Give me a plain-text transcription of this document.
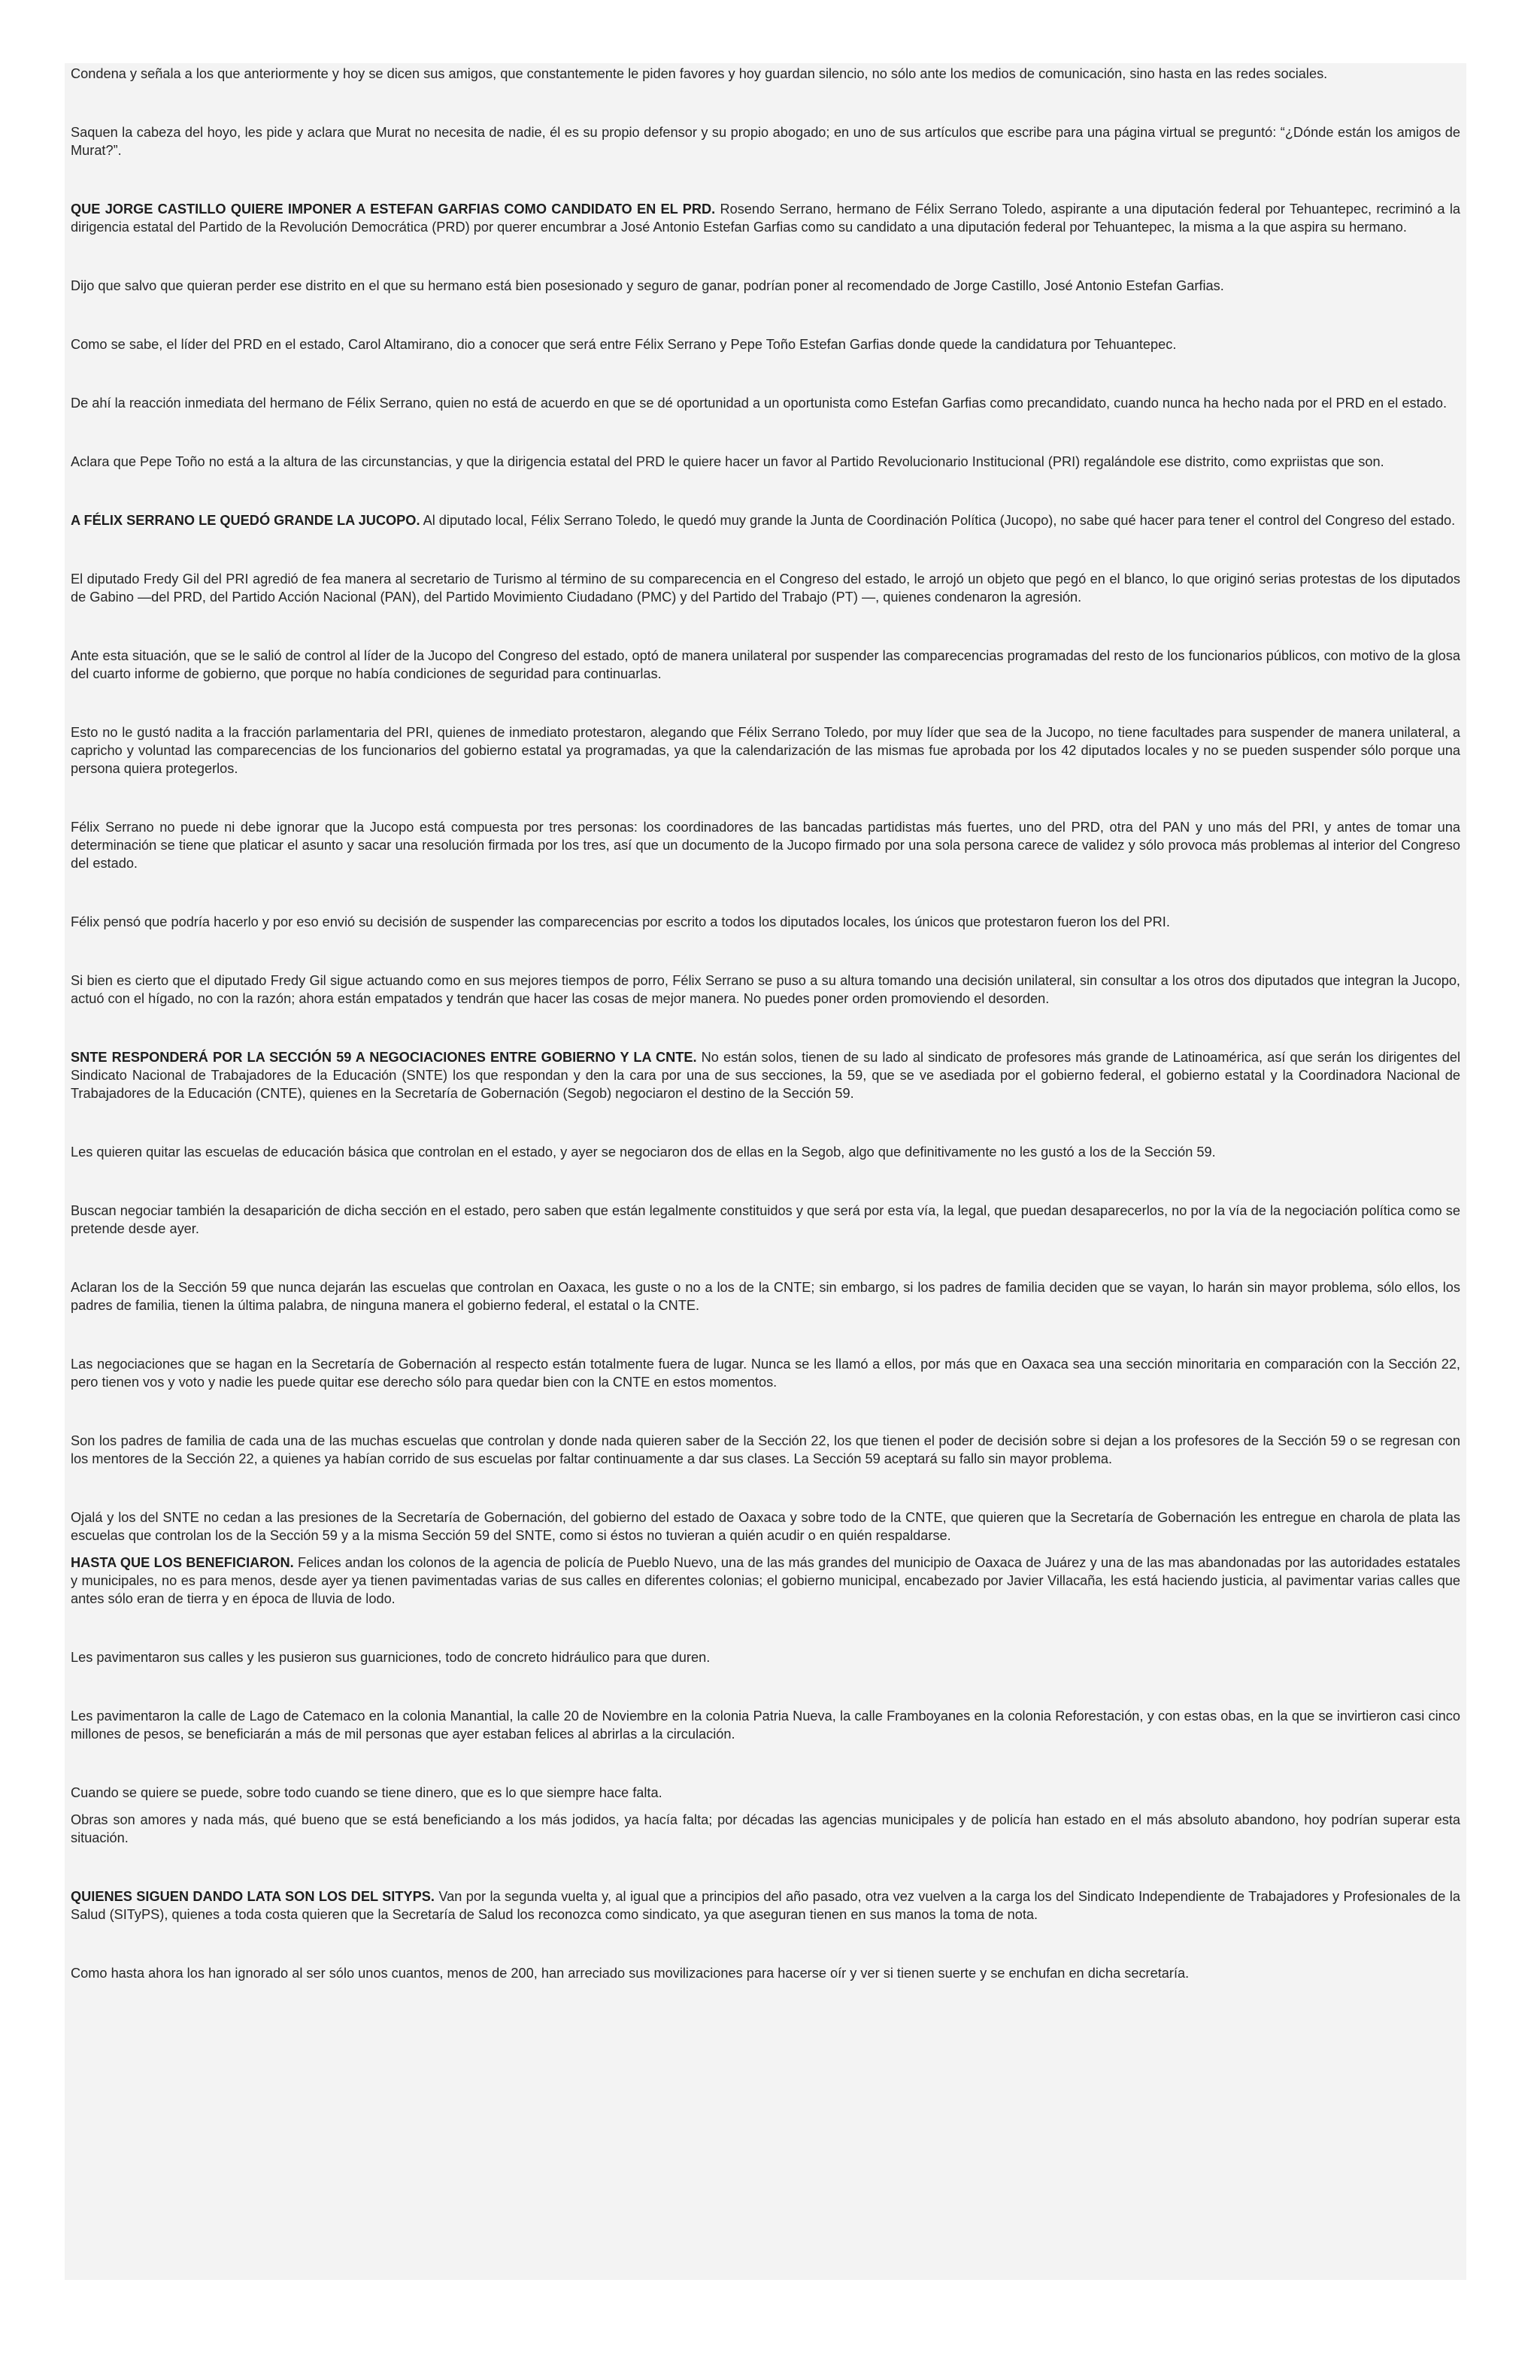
Condena y señala a los que anteriormente y hoy se dicen sus amigos, que constantemente le piden favores y hoy guardan silencio, no sólo ante los medios de comunicación, sino hasta en las redes sociales.

Saquen la cabeza del hoyo, les pide y aclara que Murat no necesita de nadie, él es su propio defensor y su propio abogado; en uno de sus artículos que escribe para una página virtual se preguntó: “¿Dónde están los amigos de Murat?”.

QUE JORGE CASTILLO QUIERE IMPONER A ESTEFAN GARFIAS COMO CANDIDATO EN EL PRD. Rosendo Serrano, hermano de Félix Serrano Toledo, aspirante a una diputación federal por Tehuantepec, recriminó a la dirigencia estatal del Partido de la Revolución Democrática (PRD) por querer encumbrar a José Antonio Estefan Garfias como su candidato a una diputación federal por Tehuantepec, la misma a la que aspira su hermano.

Dijo que salvo que quieran perder ese distrito en el que su hermano está bien posesionado y seguro de ganar, podrían poner al recomendado de Jorge Castillo, José Antonio Estefan Garfias.

Como se sabe, el líder del PRD en el estado, Carol Altamirano, dio a conocer que será entre Félix Serrano y Pepe Toño Estefan Garfias donde quede la candidatura por Tehuantepec.

De ahí la reacción inmediata del hermano de Félix Serrano, quien no está de acuerdo en que se dé oportunidad a un oportunista como Estefan Garfias como precandidato, cuando nunca ha hecho nada por el PRD en el estado.

Aclara que Pepe Toño no está a la altura de las circunstancias, y que la dirigencia estatal del PRD le quiere hacer un favor al Partido Revolucionario Institucional (PRI) regalándole ese distrito, como expriistas que son.

A FÉLIX SERRANO LE QUEDÓ GRANDE LA JUCOPO. Al diputado local, Félix Serrano Toledo, le quedó muy grande la Junta de Coordinación Política (Jucopo), no sabe qué hacer para tener el control del Congreso del estado.

El diputado Fredy Gil del PRI agredió de fea manera al secretario de Turismo al término de su comparecencia en el Congreso del estado, le arrojó un objeto que pegó en el blanco, lo que originó serias protestas de los diputados de Gabino —del PRD, del Partido Acción Nacional (PAN), del Partido Movimiento Ciudadano (PMC) y del Partido del Trabajo (PT) —, quienes condenaron la agresión.

Ante esta situación, que se le salió de control al líder de la Jucopo del Congreso del estado, optó de manera unilateral por suspender las comparecencias programadas del resto de los funcionarios públicos, con motivo de la glosa del cuarto informe de gobierno, que porque no había condiciones de seguridad para continuarlas.

Esto no le gustó nadita a la fracción parlamentaria del PRI, quienes de inmediato protestaron, alegando que Félix Serrano Toledo, por muy líder que sea de la Jucopo, no tiene facultades para suspender de manera unilateral, a capricho y voluntad las comparecencias de los funcionarios del gobierno estatal ya programadas, ya que la calendarización de las mismas fue aprobada por los 42 diputados locales y no se pueden suspender sólo porque una persona quiera protegerlos.

Félix Serrano no puede ni debe ignorar que la Jucopo está compuesta por tres personas: los coordinadores de las bancadas partidistas más fuertes, uno del PRD, otra del PAN y uno más del PRI, y antes de tomar una determinación se tiene que platicar el asunto y sacar una resolución firmada por los tres, así que un documento de la Jucopo firmado por una sola persona carece de validez y sólo provoca más problemas al interior del Congreso del estado.

Félix pensó que podría hacerlo y por eso envió su decisión de suspender las comparecencias por escrito a todos los diputados locales, los únicos que protestaron fueron los del PRI.

Si bien es cierto que el diputado Fredy Gil sigue actuando como en sus mejores tiempos de porro, Félix Serrano se puso a su altura tomando una decisión unilateral, sin consultar a los otros dos diputados que integran la Jucopo, actuó con el hígado, no con la razón; ahora están empatados y tendrán que hacer las cosas de mejor manera. No puedes poner orden promoviendo el desorden.

SNTE RESPONDERÁ POR LA SECCIÓN 59 A NEGOCIACIONES ENTRE GOBIERNO Y LA CNTE. No están solos, tienen de su lado al sindicato de profesores más grande de Latinoamérica, así que serán los dirigentes del Sindicato Nacional de Trabajadores de la Educación (SNTE) los que respondan y den la cara por una de sus secciones, la 59, que se ve asediada por el gobierno federal, el gobierno estatal y la Coordinadora Nacional de Trabajadores de la Educación (CNTE), quienes en la Secretaría de Gobernación (Segob) negociaron el destino de la Sección 59.

Les quieren quitar las escuelas de educación básica que controlan en el estado, y ayer se negociaron dos de ellas en la Segob, algo que definitivamente no les gustó a los de la Sección 59.

Buscan negociar también la desaparición de dicha sección en el estado, pero saben que están legalmente constituidos y que será por esta vía, la legal, que puedan desaparecerlos, no por la vía de la negociación política como se pretende desde ayer.

Aclaran los de la Sección 59 que nunca dejarán las escuelas que controlan en Oaxaca, les guste o no a los de la CNTE; sin embargo, si los padres de familia deciden que se vayan, lo harán sin mayor problema, sólo ellos, los padres de familia, tienen la última palabra, de ninguna manera el gobierno federal, el estatal o la CNTE.

Las negociaciones que se hagan en la Secretaría de Gobernación al respecto están totalmente fuera de lugar. Nunca se les llamó a ellos, por más que en Oaxaca sea una sección minoritaria en comparación con la Sección 22, pero tienen vos y voto y nadie les puede quitar ese derecho sólo para quedar bien con la CNTE en estos momentos.

Son los padres de familia de cada una de las muchas escuelas que controlan y donde nada quieren saber de la Sección 22, los que tienen el poder de decisión sobre si dejan a los profesores de la Sección 59 o se regresan con los mentores de la Sección 22, a quienes ya habían corrido de sus escuelas por faltar continuamente a dar sus clases. La Sección 59 aceptará su fallo sin mayor problema.

Ojalá y los del SNTE no cedan a las presiones de la Secretaría de Gobernación, del gobierno del estado de Oaxaca y sobre todo de la CNTE, que quieren que la Secretaría de Gobernación les entregue en charola de plata las escuelas que controlan los de la Sección 59 y a la misma Sección 59 del SNTE, como si éstos no tuvieran a quién acudir o en quién respaldarse.

HASTA QUE LOS BENEFICIARON. Felices andan los colonos de la agencia de policía de Pueblo Nuevo, una de las más grandes del municipio de Oaxaca de Juárez y una de las mas abandonadas por las autoridades estatales y municipales, no es para menos, desde ayer ya tienen pavimentadas varias de sus calles en diferentes colonias; el gobierno municipal, encabezado por Javier Villacaña, les está haciendo justicia, al pavimentar varias calles que antes sólo eran de tierra y en época de lluvia de lodo.

Les pavimentaron sus calles y les pusieron sus guarniciones, todo de concreto hidráulico para que duren.

Les pavimentaron la calle de Lago de Catemaco en la colonia Manantial, la calle 20 de Noviembre en la colonia Patria Nueva, la calle Framboyanes en la colonia Reforestación, y con estas obas, en la que se invirtieron casi cinco millones de pesos, se beneficiarán a más de mil personas que ayer estaban felices al abrirlas a la circulación.

Cuando se quiere se puede, sobre todo cuando se tiene dinero, que es lo que siempre hace falta.

Obras son amores y nada más, qué bueno que se está beneficiando a los más jodidos, ya hacía falta; por décadas las agencias municipales y de policía han estado en el más absoluto abandono, hoy podrían superar esta situación.

QUIENES SIGUEN DANDO LATA SON LOS DEL SITYPS. Van por la segunda vuelta y, al igual que a principios del año pasado, otra vez vuelven a la carga los del Sindicato Independiente de Trabajadores y Profesionales de la Salud (SITyPS), quienes a toda costa quieren que la Secretaría de Salud los reconozca como sindicato, ya que aseguran tienen en sus manos la toma de nota.

Como hasta ahora los han ignorado al ser sólo unos cuantos, menos de 200, han arreciado sus movilizaciones para hacerse oír y ver si tienen suerte y se enchufan en dicha secretaría.
